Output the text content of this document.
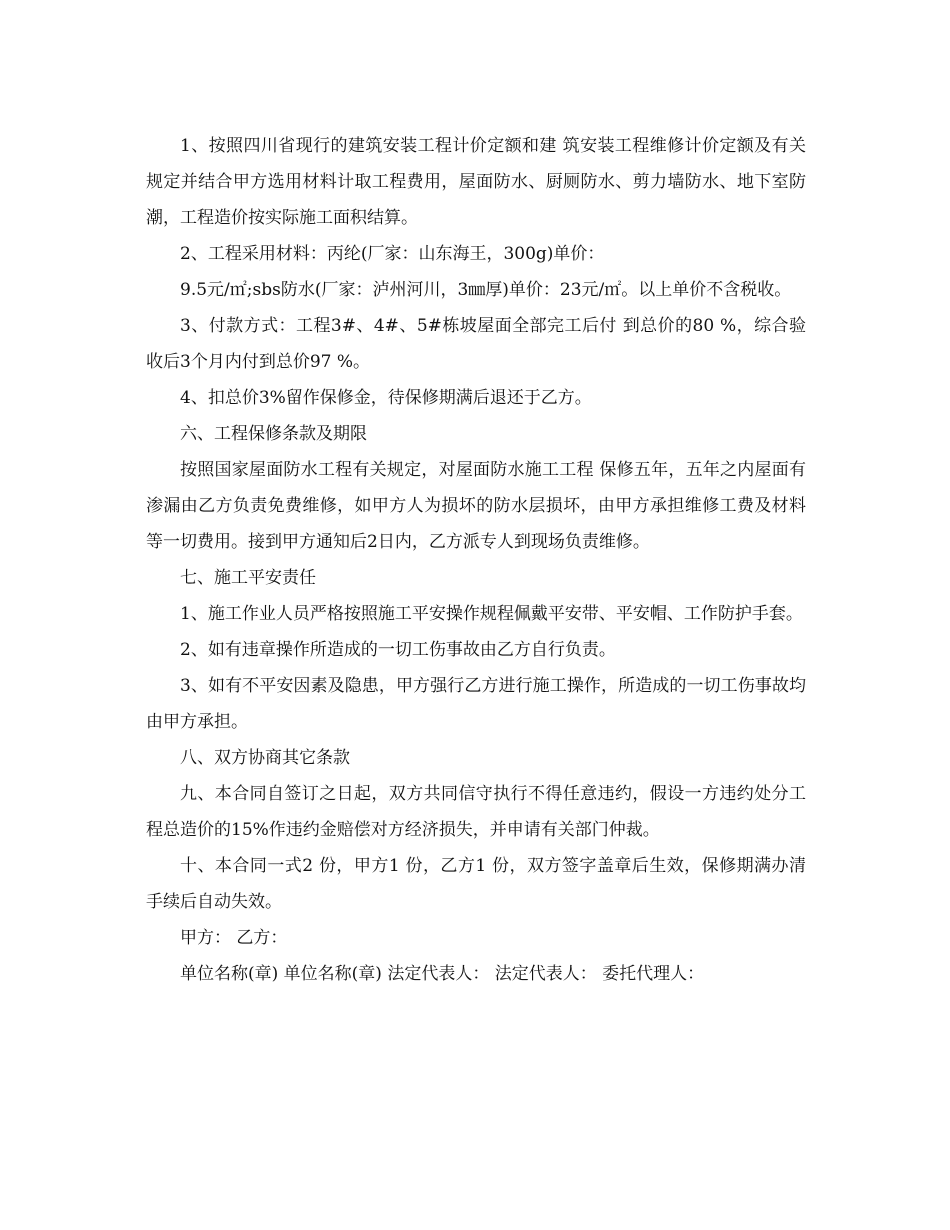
1、按照四川省现行的建筑安装工程计价定额和建 筑安装工程维修计价定额及有关规定并结合甲方选用材料计取工程费用，屋面防水、厨厕防水、剪力墙防水、地下室防潮，工程造价按实际施工面积结算。

2、工程采用材料：丙纶(厂家：山东海王，300g)单价：

9.5元/㎡;sbs防水(厂家：泸州河川，3㎜厚)单价：23元/㎡。以上单价不含税收。

3、付款方式：工程3#、4#、5#栋坡屋面全部完工后付 到总价的80 %，综合验收后3个月内付到总价97 %。

4、扣总价3%留作保修金，待保修期满后退还于乙方。

六、工程保修条款及期限

按照国家屋面防水工程有关规定，对屋面防水施工工程 保修五年，五年之内屋面有渗漏由乙方负责免费维修，如甲方人为损坏的防水层损坏，由甲方承担维修工费及材料等一切费用。接到甲方通知后2日内，乙方派专人到现场负责维修。

七、施工平安责任

1、施工作业人员严格按照施工平安操作规程佩戴平安带、平安帽、工作防护手套。

2、如有违章操作所造成的一切工伤事故由乙方自行负责。

3、如有不平安因素及隐患，甲方强行乙方进行施工操作，所造成的一切工伤事故均由甲方承担。

八、双方协商其它条款

九、本合同自签订之日起，双方共同信守执行不得任意违约，假设一方违约处分工程总造价的15%作违约金赔偿对方经济损失，并申请有关部门仲裁。

十、本合同一式2 份，甲方1 份，乙方1 份，双方签字盖章后生效，保修期满办清手续后自动失效。

甲方： 乙方：

单位名称(章) 单位名称(章) 法定代表人： 法定代表人： 委托代理人：
